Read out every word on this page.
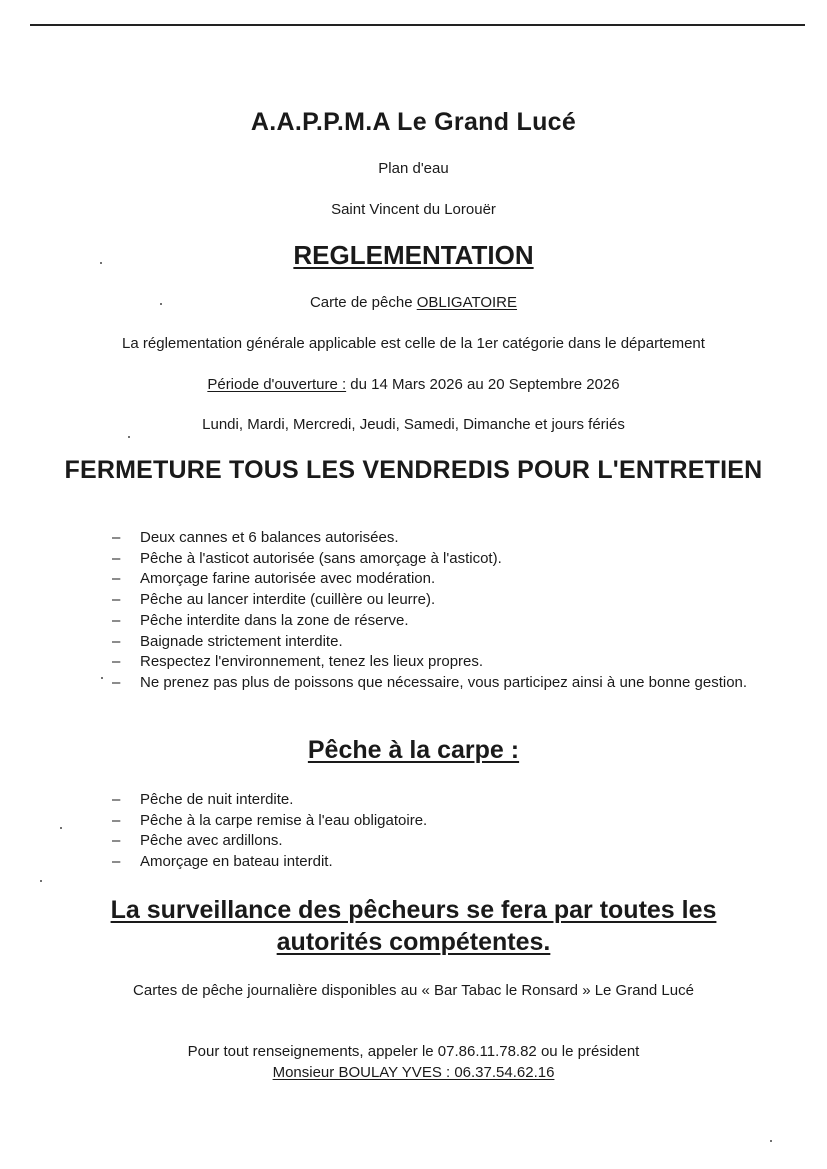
A.A.P.P.M.A Le Grand Lucé
Plan d'eau
Saint Vincent du Lorouër
REGLEMENTATION
Carte de pêche OBLIGATOIRE
La réglementation générale applicable est celle de la 1er catégorie dans le département
Période d'ouverture : du 14 Mars 2026 au 20 Septembre 2026
Lundi, Mardi, Mercredi, Jeudi, Samedi, Dimanche et jours fériés
FERMETURE TOUS LES VENDREDIS POUR L'ENTRETIEN
– Deux cannes et 6 balances autorisées.
– Pêche à l'asticot autorisée (sans amorçage à l'asticot).
– Amorçage farine autorisée avec modération.
– Pêche au lancer interdite (cuillère ou leurre).
– Pêche interdite dans la zone de réserve.
– Baignade strictement interdite.
– Respectez l'environnement, tenez les lieux propres.
– Ne prenez pas plus de poissons que nécessaire, vous participez ainsi à une bonne gestion.
Pêche à la carpe :
– Pêche de nuit interdite.
– Pêche à la carpe remise à l'eau obligatoire.
– Pêche avec ardillons.
– Amorçage en bateau interdit.
La surveillance des pêcheurs se fera par toutes les autorités compétentes.
Cartes de pêche journalière disponibles au « Bar Tabac le Ronsard » Le Grand Lucé
Pour tout renseignements, appeler le 07.86.11.78.82 ou le président
Monsieur BOULAY YVES : 06.37.54.62.16
